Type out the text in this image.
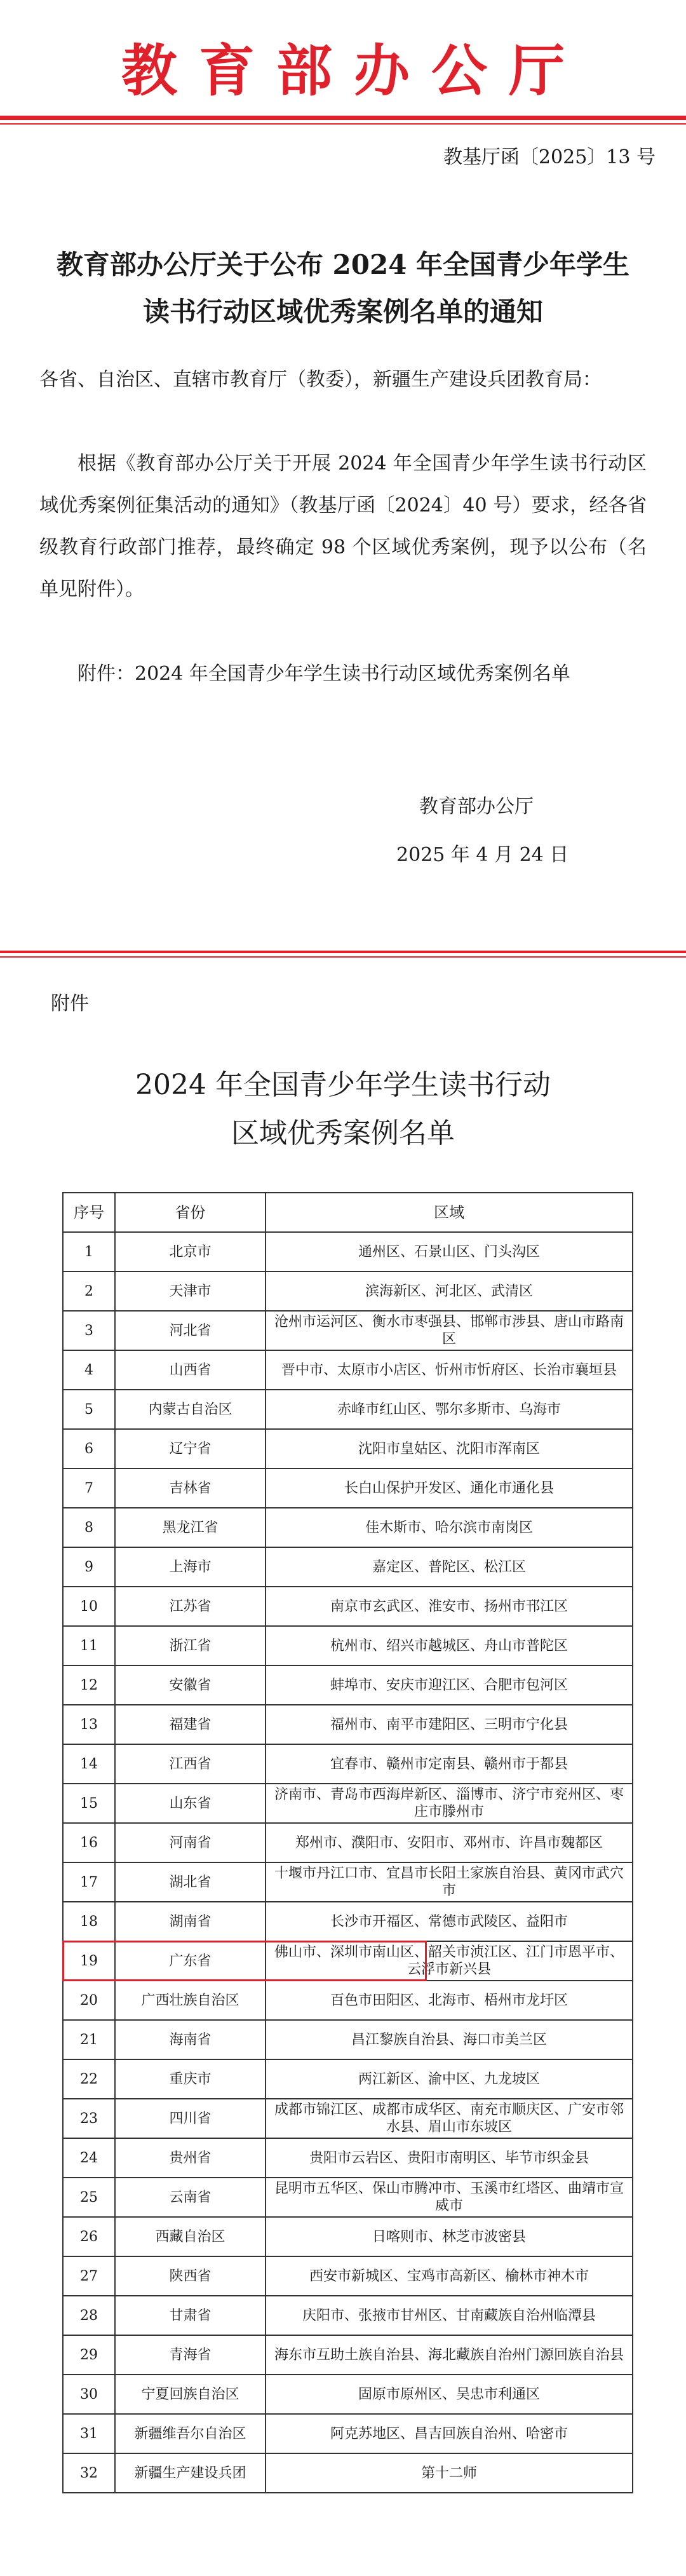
教育部办公厅
教基厅函〔2025〕13 号
教育部办公厅关于公布 2024 年全国青少年学生
读书行动区域优秀案例名单的通知
各省、自治区、直辖市教育厅（教委），新疆生产建设兵团教育局：
根据《教育部办公厅关于开展 2024 年全国青少年学生读书行动区域优秀案例征集活动的通知》（教基厅函〔2024〕40 号）要求，经各省级教育行政部门推荐，最终确定 98 个区域优秀案例，现予以公布（名单见附件）。
附件：2024 年全国青少年学生读书行动区域优秀案例名单
教育部办公厅
2025 年 4 月 24 日
附件
2024 年全国青少年学生读书行动
区域优秀案例名单
序号	省份	区域
1	北京市	通州区、石景山区、门头沟区
2	天津市	滨海新区、河北区、武清区
3	河北省	沧州市运河区、衡水市枣强县、邯郸市涉县、唐山市路南区
4	山西省	晋中市、太原市小店区、忻州市忻府区、长治市襄垣县
5	内蒙古自治区	赤峰市红山区、鄂尔多斯市、乌海市
6	辽宁省	沈阳市皇姑区、沈阳市浑南区
7	吉林省	长白山保护开发区、通化市通化县
8	黑龙江省	佳木斯市、哈尔滨市南岗区
9	上海市	嘉定区、普陀区、松江区
10	江苏省	南京市玄武区、淮安市、扬州市邗江区
11	浙江省	杭州市、绍兴市越城区、舟山市普陀区
12	安徽省	蚌埠市、安庆市迎江区、合肥市包河区
13	福建省	福州市、南平市建阳区、三明市宁化县
14	江西省	宜春市、赣州市定南县、赣州市于都县
15	山东省	济南市、青岛市西海岸新区、淄博市、济宁市兖州区、枣庄市滕州市
16	河南省	郑州市、濮阳市、安阳市、邓州市、许昌市魏都区
17	湖北省	十堰市丹江口市、宜昌市长阳土家族自治县、黄冈市武穴市
18	湖南省	长沙市开福区、常德市武陵区、益阳市
19	广东省	佛山市、深圳市南山区、韶关市浈江区、江门市恩平市、云浮市新兴县
20	广西壮族自治区	百色市田阳区、北海市、梧州市龙圩区
21	海南省	昌江黎族自治县、海口市美兰区
22	重庆市	两江新区、渝中区、九龙坡区
23	四川省	成都市锦江区、成都市成华区、南充市顺庆区、广安市邻水县、眉山市东坡区
24	贵州省	贵阳市云岩区、贵阳市南明区、毕节市织金县
25	云南省	昆明市五华区、保山市腾冲市、玉溪市红塔区、曲靖市宣威市
26	西藏自治区	日喀则市、林芝市波密县
27	陕西省	西安市新城区、宝鸡市高新区、榆林市神木市
28	甘肃省	庆阳市、张掖市甘州区、甘南藏族自治州临潭县
29	青海省	海东市互助土族自治县、海北藏族自治州门源回族自治县
30	宁夏回族自治区	固原市原州区、吴忠市利通区
31	新疆维吾尔自治区	阿克苏地区、昌吉回族自治州、哈密市
32	新疆生产建设兵团	第十二师
